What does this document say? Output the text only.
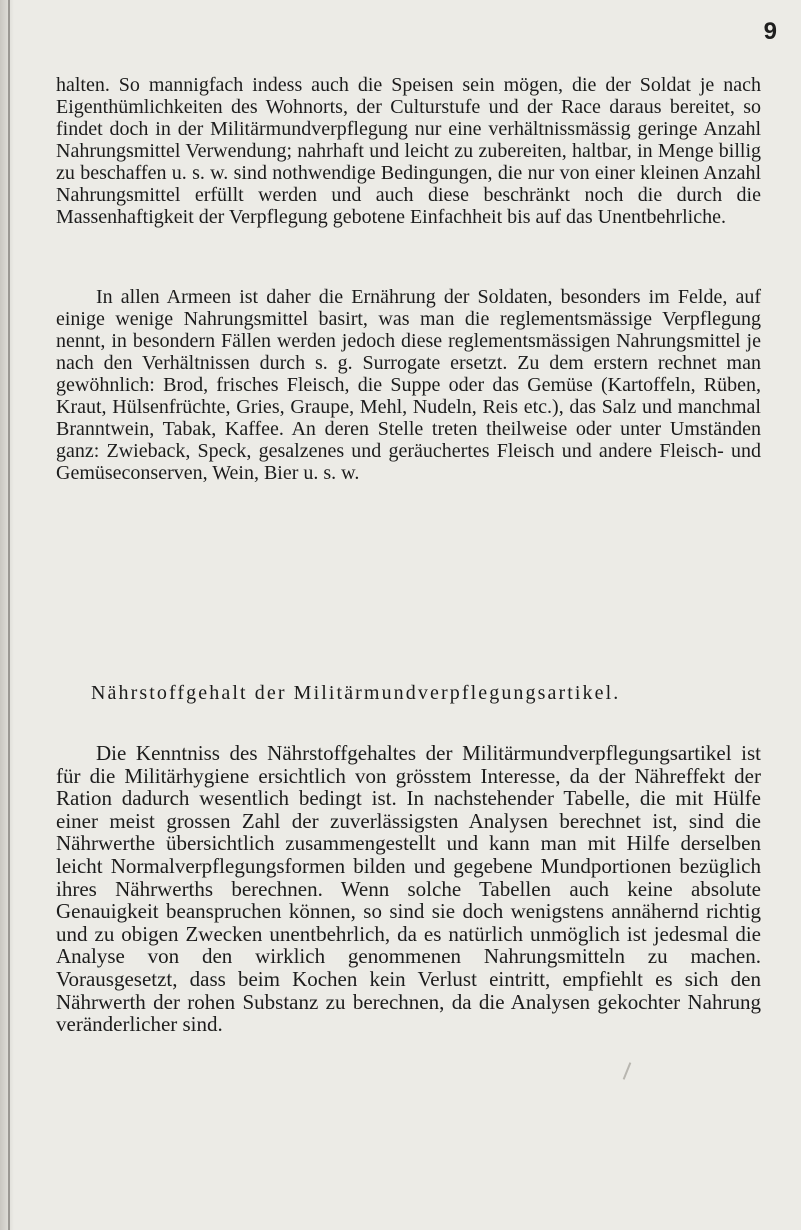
9
halten. So mannigfach indess auch die Speisen sein mögen, die der Soldat je nach Eigenthümlichkeiten des Wohnorts, der Culturstufe und der Race daraus bereitet, so findet doch in der Militärmundverpflegung nur eine verhältnissmässig geringe Anzahl Nahrungsmittel Verwendung; nahrhaft und leicht zu zubereiten, haltbar, in Menge billig zu beschaffen u. s. w. sind nothwendige Bedingungen, die nur von einer kleinen Anzahl Nahrungsmittel erfüllt werden und auch diese beschränkt noch die durch die Massenhaftigkeit der Verpflegung gebotene Einfachheit bis auf das Unentbehrliche.
In allen Armeen ist daher die Ernährung der Soldaten, besonders im Felde, auf einige wenige Nahrungsmittel basirt, was man die reglementsmässige Verpflegung nennt, in besondern Fällen werden jedoch diese reglementsmässigen Nahrungsmittel je nach den Verhältnissen durch s. g. Surrogate ersetzt. Zu dem erstern rechnet man gewöhnlich: Brod, frisches Fleisch, die Suppe oder das Gemüse (Kartoffeln, Rüben, Kraut, Hülsenfrüchte, Gries, Graupe, Mehl, Nudeln, Reis etc.), das Salz und manchmal Branntwein, Tabak, Kaffee. An deren Stelle treten theilweise oder unter Umständen ganz: Zwieback, Speck, gesalzenes und geräuchertes Fleisch und andere Fleisch- und Gemüseconserven, Wein, Bier u. s. w.
Nährstoffgehalt der Militärmundverpflegungsartikel.
Die Kenntniss des Nährstoffgehaltes der Militärmundverpflegungsartikel ist für die Militärhygiene ersichtlich von grösstem Interesse, da der Nähreffekt der Ration dadurch wesentlich bedingt ist. In nachstehender Tabelle, die mit Hülfe einer meist grossen Zahl der zuverlässigsten Analysen berechnet ist, sind die Nährwerthe übersichtlich zusammengestellt und kann man mit Hilfe derselben leicht Normalverpflegungsformen bilden und gegebene Mundportionen bezüglich ihres Nährwerths berechnen. Wenn solche Tabellen auch keine absolute Genauigkeit beanspruchen können, so sind sie doch wenigstens annähernd richtig und zu obigen Zwecken unentbehrlich, da es natürlich unmöglich ist jedesmal die Analyse von den wirklich genommenen Nahrungsmitteln zu machen. Vorausgesetzt, dass beim Kochen kein Verlust eintritt, empfiehlt es sich den Nährwerth der rohen Substanz zu berechnen, da die Analysen gekochter Nahrung veränderlicher sind.
